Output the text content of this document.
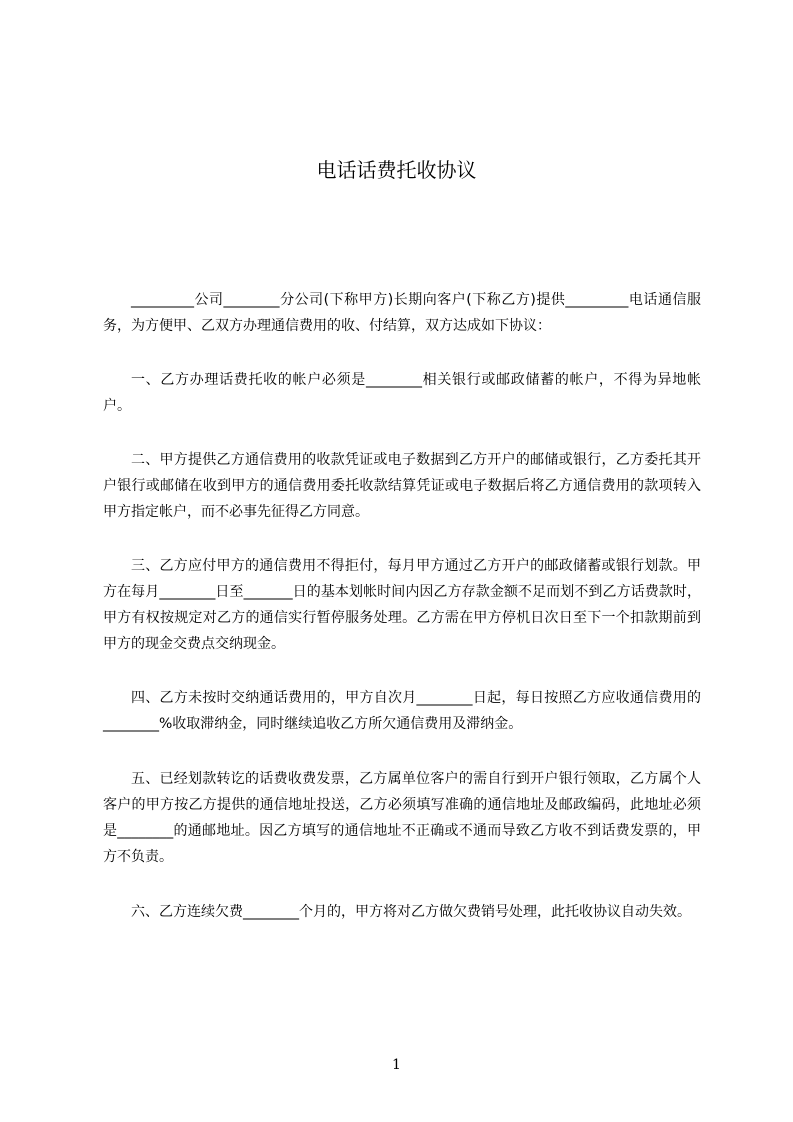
电话话费托收协议

_________公司________分公司(下称甲方)长期向客户(下称乙方)提供_________电话通信服务，为方便甲、乙双方办理通信费用的收、付结算，双方达成如下协议：

一、乙方办理话费托收的帐户必须是________相关银行或邮政储蓄的帐户，不得为异地帐户。

二、甲方提供乙方通信费用的收款凭证或电子数据到乙方开户的邮储或银行，乙方委托其开户银行或邮储在收到甲方的通信费用委托收款结算凭证或电子数据后将乙方通信费用的款项转入甲方指定帐户，而不必事先征得乙方同意。

三、乙方应付甲方的通信费用不得拒付，每月甲方通过乙方开户的邮政储蓄或银行划款。甲方在每月________日至_______日的基本划帐时间内因乙方存款金额不足而划不到乙方话费款时，甲方有权按规定对乙方的通信实行暂停服务处理。乙方需在甲方停机日次日至下一个扣款期前到甲方的现金交费点交纳现金。

四、乙方未按时交纳通话费用的，甲方自次月________日起，每日按照乙方应收通信费用的________%收取滞纳金，同时继续追收乙方所欠通信费用及滞纳金。

五、已经划款转讫的话费收费发票，乙方属单位客户的需自行到开户银行领取，乙方属个人客户的甲方按乙方提供的通信地址投送，乙方必须填写准确的通信地址及邮政编码，此地址必须是________的通邮地址。因乙方填写的通信地址不正确或不通而导致乙方收不到话费发票的，甲方不负责。

六、乙方连续欠费________个月的，甲方将对乙方做欠费销号处理，此托收协议自动失效。

1
